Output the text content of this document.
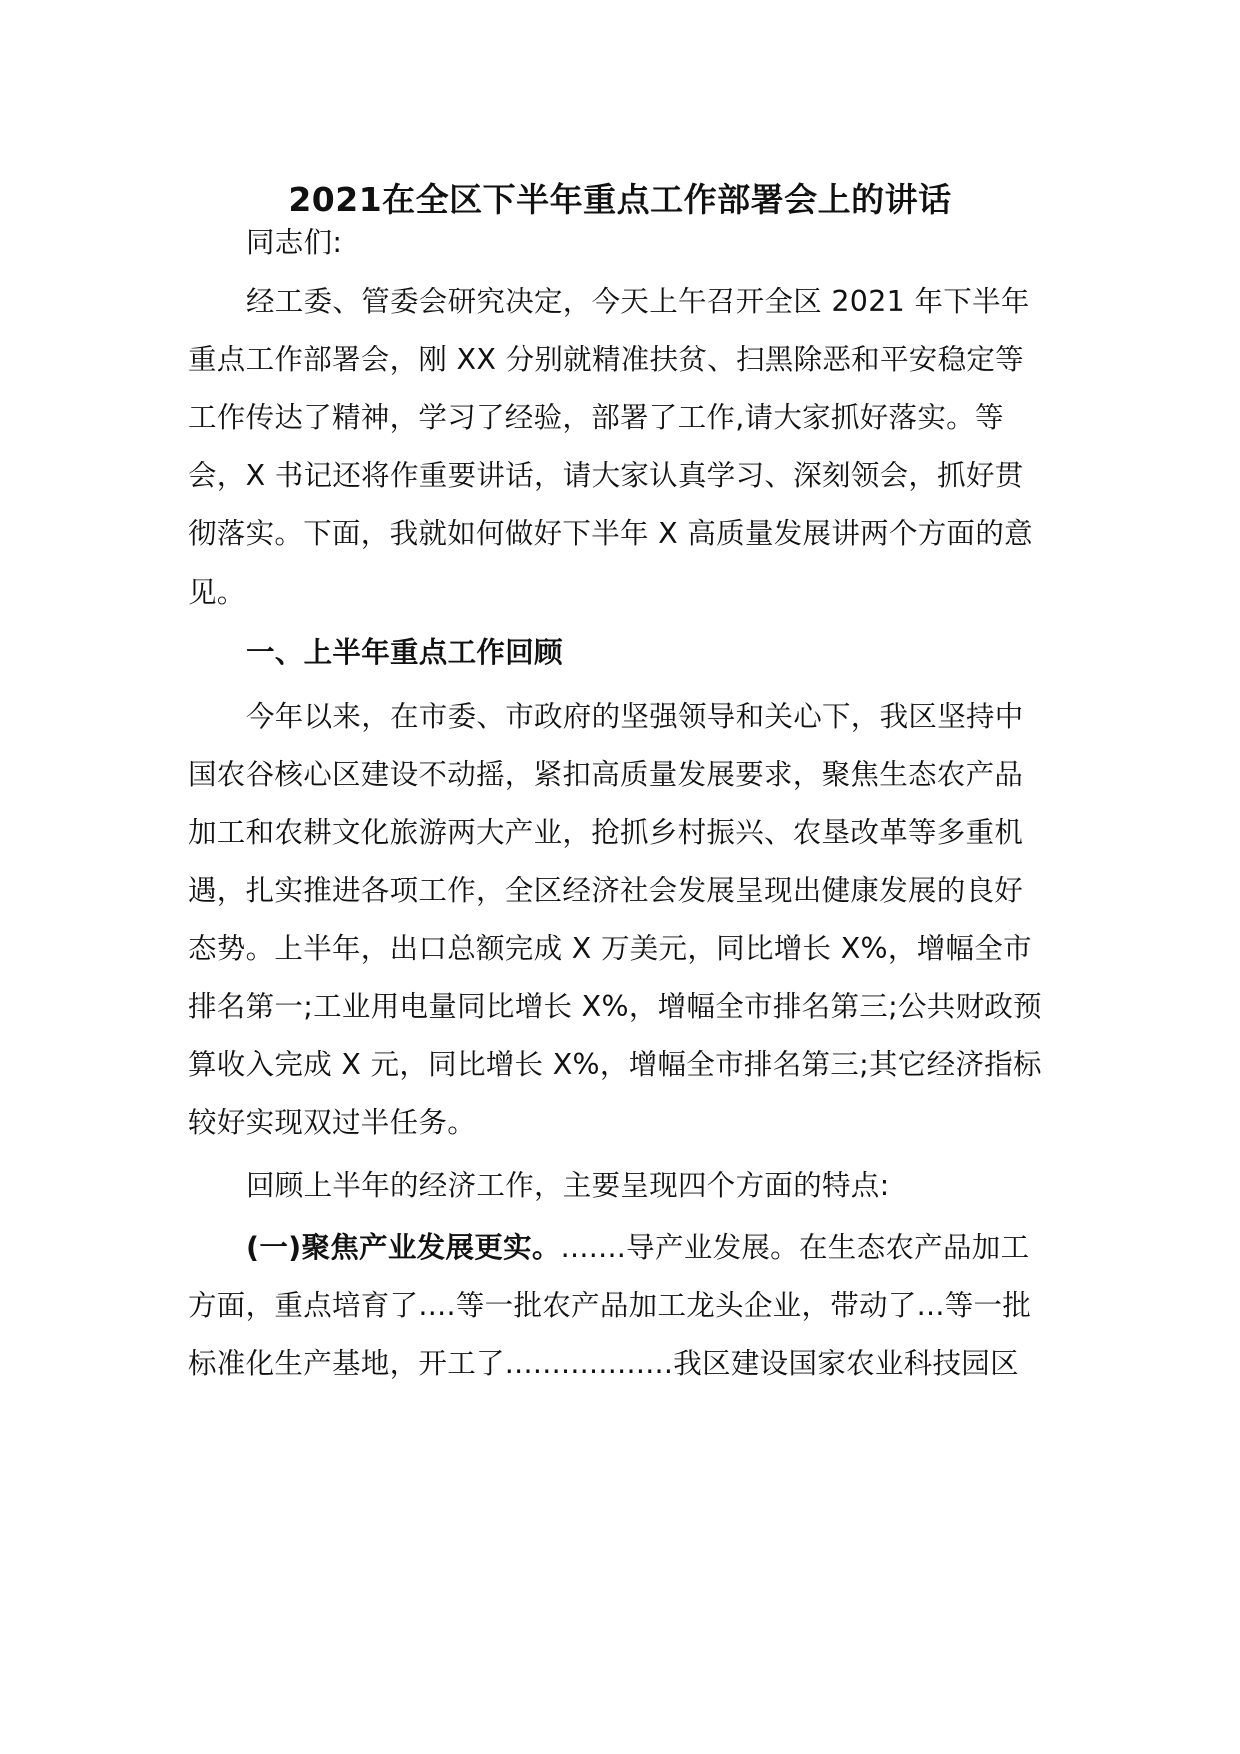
2021在全区下半年重点工作部署会上的讲话
同志们:
经工委、管委会研究决定，今天上午召开全区 2021 年下半年
重点工作部署会，刚 XX 分别就精准扶贫、扫黑除恶和平安稳定等
工作传达了精神，学习了经验，部署了工作,请大家抓好落实。等
会，X 书记还将作重要讲话，请大家认真学习、深刻领会，抓好贯
彻落实。下面，我就如何做好下半年 X 高质量发展讲两个方面的意
见。
一、上半年重点工作回顾
今年以来，在市委、市政府的坚强领导和关心下，我区坚持中
国农谷核心区建设不动摇，紧扣高质量发展要求，聚焦生态农产品
加工和农耕文化旅游两大产业，抢抓乡村振兴、农垦改革等多重机
遇，扎实推进各项工作，全区经济社会发展呈现出健康发展的良好
态势。上半年，出口总额完成 X 万美元，同比增长 X%，增幅全市
排名第一;工业用电量同比增长 X%，增幅全市排名第三;公共财政预
算收入完成 X 元，同比增长 X%，增幅全市排名第三;其它经济指标
较好实现双过半任务。
回顾上半年的经济工作，主要呈现四个方面的特点:
(一)聚焦产业发展更实。.......导产业发展。在生态农产品加工
方面，重点培育了....等一批农产品加工龙头企业，带动了...等一批
标准化生产基地，开工了..................我区建设国家农业科技园区
